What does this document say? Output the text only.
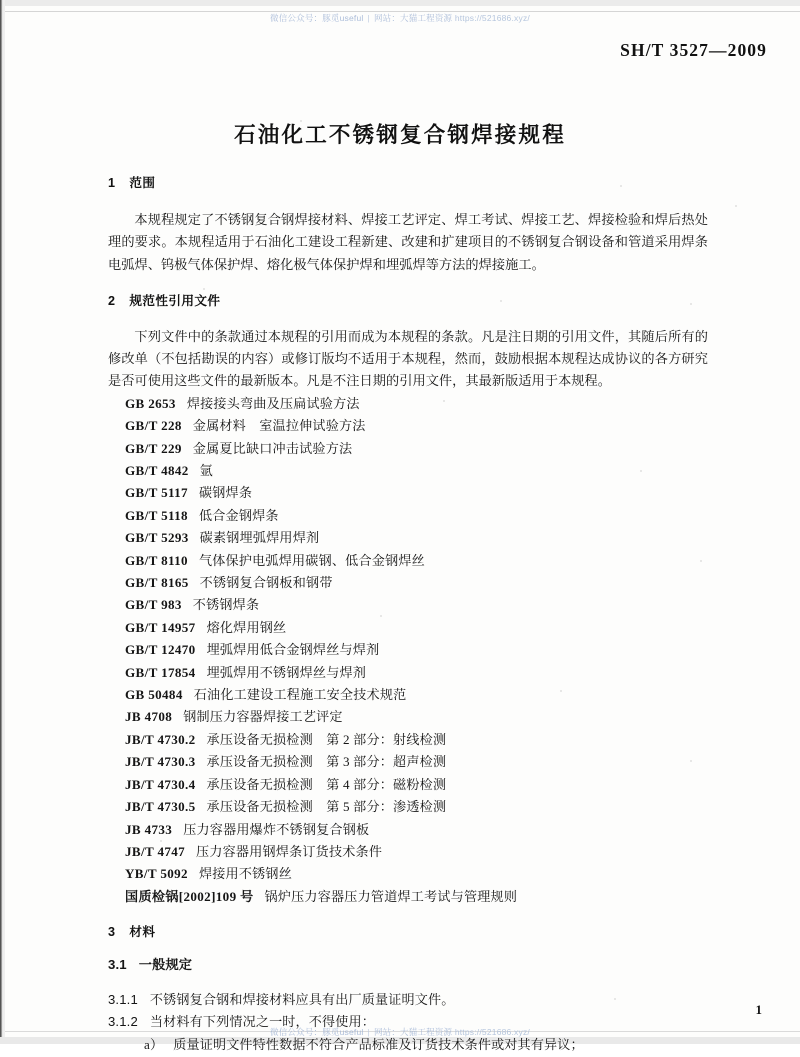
微信公众号：豚觅useful | 网站：大猫工程资源 https://521686.xyz/
SH/T 3527—2009
石油化工不锈钢复合钢焊接规程
1 范围

本规程规定了不锈钢复合钢焊接材料、焊接工艺评定、焊工考试、焊接工艺、焊接检验和焊后热处理的要求。本规程适用于石油化工建设工程新建、改建和扩建项目的不锈钢复合钢设备和管道采用焊条电弧焊、钨极气体保护焊、熔化极气体保护焊和埋弧焊等方法的焊接施工。

2 规范性引用文件

下列文件中的条款通过本规程的引用而成为本规程的条款。凡是注日期的引用文件，其随后所有的修改单（不包括勘误的内容）或修订版均不适用于本规程，然而，鼓励根据本规程达成协议的各方研究是否可使用这些文件的最新版本。凡是不注日期的引用文件，其最新版适用于本规程。

GB 2653 焊接接头弯曲及压扁试验方法
GB/T 228 金属材料　室温拉伸试验方法
GB/T 229 金属夏比缺口冲击试验方法
GB/T 4842 氩
GB/T 5117 碳钢焊条
GB/T 5118 低合金钢焊条
GB/T 5293 碳素钢埋弧焊用焊剂
GB/T 8110 气体保护电弧焊用碳钢、低合金钢焊丝
GB/T 8165 不锈钢复合钢板和钢带
GB/T 983 不锈钢焊条
GB/T 14957 熔化焊用钢丝
GB/T 12470 埋弧焊用低合金钢焊丝与焊剂
GB/T 17854 埋弧焊用不锈钢焊丝与焊剂
GB 50484 石油化工建设工程施工安全技术规范
JB 4708 钢制压力容器焊接工艺评定
JB/T 4730.2 承压设备无损检测　第 2 部分：射线检测
JB/T 4730.3 承压设备无损检测　第 3 部分：超声检测
JB/T 4730.4 承压设备无损检测　第 4 部分：磁粉检测
JB/T 4730.5 承压设备无损检测　第 5 部分：渗透检测
JB 4733 压力容器用爆炸不锈钢复合钢板
JB/T 4747 压力容器用钢焊条订货技术条件
YB/T 5092 焊接用不锈钢丝
国质检锅[2002]109 号 锅炉压力容器压力管道焊工考试与管理规则
3 材料
3.1 一般规定
3.1.1 不锈钢复合钢和焊接材料应具有出厂质量证明文件。
3.1.2 当材料有下列情况之一时，不得使用：
a） 质量证明文件特性数据不符合产品标准及订货技术条件或对其有异议；
1
微信公众号：豚觅useful | 网站：大猫工程资源 https://521686.xyz/
